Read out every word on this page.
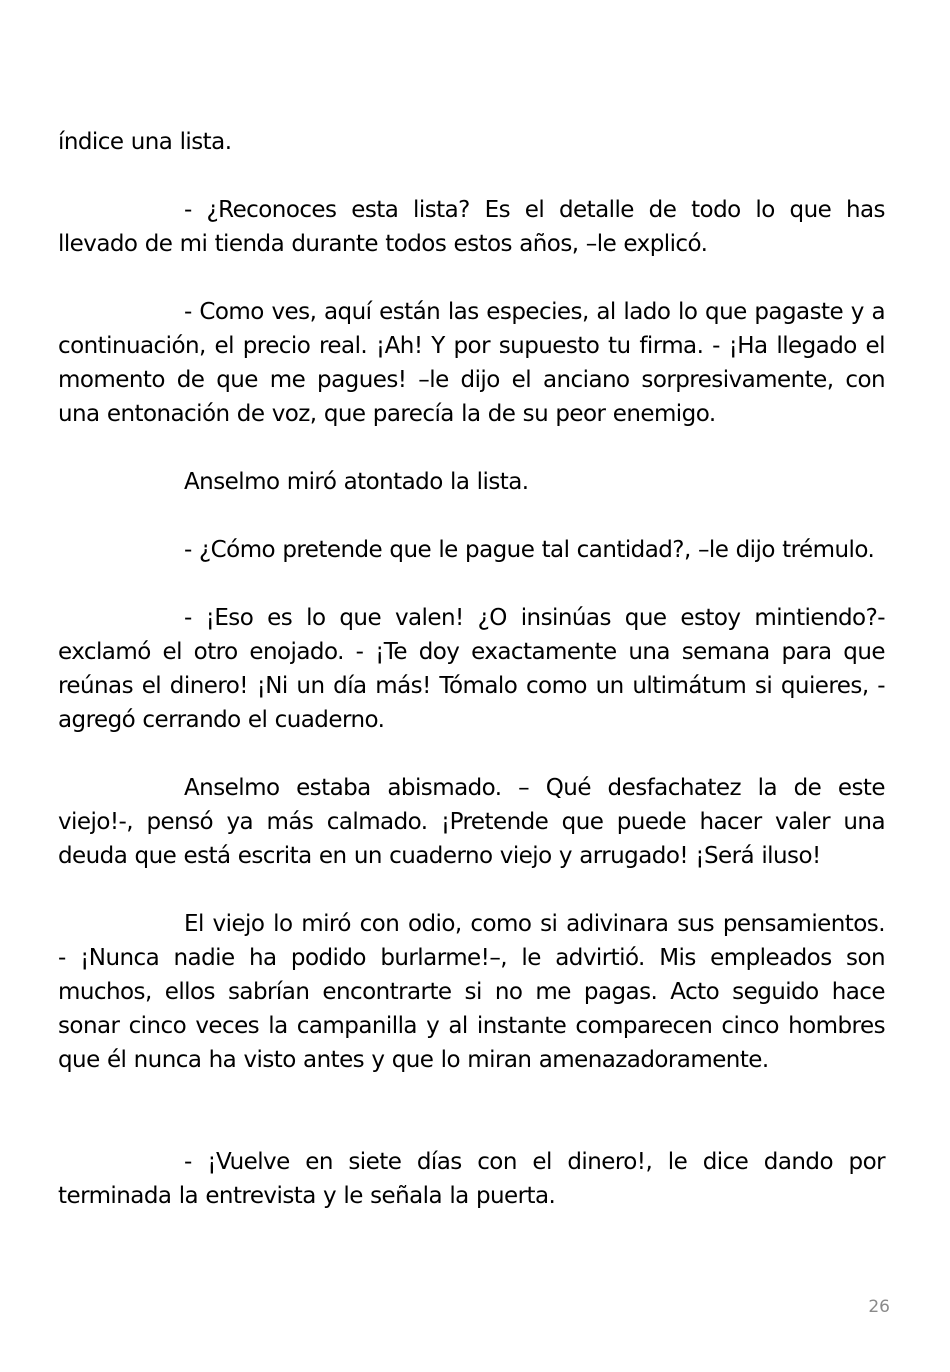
índice una lista.

- ¿Reconoces esta lista? Es el detalle de todo lo que has llevado de mi tienda durante todos estos años, –le explicó.

- Como ves, aquí están las especies, al lado lo que pagaste y a continuación, el precio real. ¡Ah! Y por supuesto tu firma. - ¡Ha llegado el momento de que me pagues! –le dijo el anciano sorpresivamente, con una entonación de voz, que parecía la de su peor enemigo.

Anselmo miró atontado la lista.

- ¿Cómo pretende que le pague tal cantidad?, –le dijo trémulo.

- ¡Eso es lo que valen! ¿O insinúas que estoy mintiendo?- exclamó el otro enojado. - ¡Te doy exactamente una semana para que reúnas el dinero! ¡Ni un día más! Tómalo como un ultimátum si quieres, - agregó cerrando el cuaderno.

Anselmo estaba abismado. – Qué desfachatez la de este viejo!-, pensó ya más calmado. ¡Pretende que puede hacer valer una deuda que está escrita en un cuaderno viejo y arrugado! ¡Será iluso!

El viejo lo miró con odio, como si adivinara sus pensamientos. - ¡Nunca nadie ha podido burlarme!–, le advirtió. Mis empleados son muchos, ellos sabrían encontrarte si no me pagas. Acto seguido hace sonar cinco veces la campanilla y al instante comparecen cinco hombres que él nunca ha visto antes y que lo miran amenazadoramente.

- ¡Vuelve en siete días con el dinero!, le dice dando por terminada la entrevista y le señala la puerta.

26
